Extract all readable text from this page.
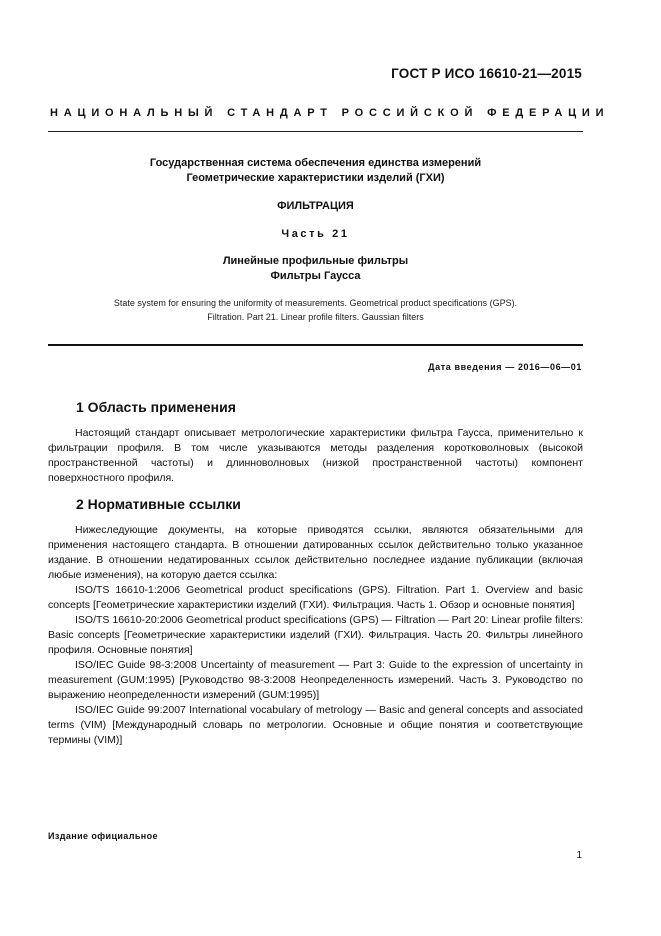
ГОСТ Р ИСО 16610-21—2015
НАЦИОНАЛЬНЫЙ СТАНДАРТ РОССИЙСКОЙ ФЕДЕРАЦИИ
Государственная система обеспечения единства измерений
Геометрические характеристики изделий (ГХИ)
ФИЛЬТРАЦИЯ
Часть 21
Линейные профильные фильтры
Фильтры Гаусса
State system for ensuring the uniformity of measurements. Geometrical product specifications (GPS).
Filtration. Part 21. Linear profile filters. Gaussian filters
Дата введения — 2016—06—01
1 Область применения

Настоящий стандарт описывает метрологические характеристики фильтра Гаусса, применительно к фильтрации профиля. В том числе указываются методы разделения коротковолновых (высокой пространственной частоты) и длинноволновых (низкой пространственной частоты) компонент поверхностного профиля.

2 Нормативные ссылки

Нижеследующие документы, на которые приводятся ссылки, являются обязательными для применения настоящего стандарта. В отношении датированных ссылок действительно только указанное издание. В отношении недатированных ссылок действительно последнее издание публикации (включая любые изменения), на которую дается ссылка:

ISO/TS 16610-1:2006 Geometrical product specifications (GPS). Filtration. Part 1. Overview and basic concepts [Геометрические характеристики изделий (ГХИ). Фильтрация. Часть 1. Обзор и основные понятия]

ISO/TS 16610-20:2006 Geometrical product specifications (GPS) — Filtration — Part 20: Linear profile filters: Basic concepts [Геометрические характеристики изделий (ГХИ). Фильтрация. Часть 20. Фильтры линейного профиля. Основные понятия]

ISO/IEC Guide 98-3:2008 Uncertainty of measurement — Part 3: Guide to the expression of uncertainty in measurement (GUM:1995) [Руководство 98-3:2008 Неопределенность измерений. Часть 3. Руководство по выражению неопределенности измерений (GUM:1995)]

ISO/IEC Guide 99:2007 International vocabulary of metrology — Basic and general concepts and associated terms (VIM) [Международный словарь по метрологии. Основные и общие понятия и соответствующие термины (VIM)]

Издание официальное
1
